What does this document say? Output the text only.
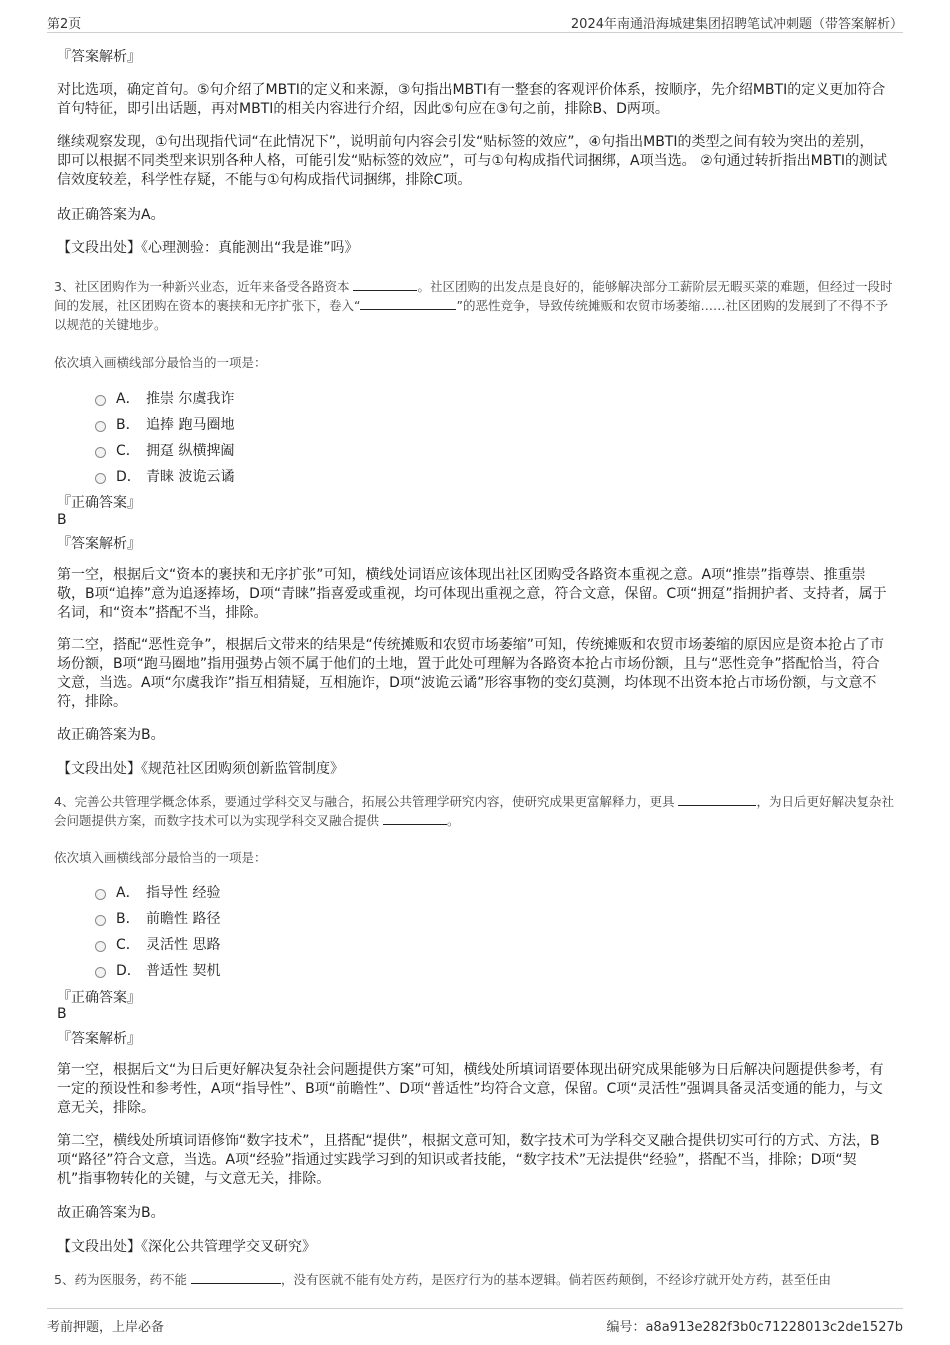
第2页	2024年南通沿海城建集团招聘笔试冲刺题（带答案解析）
『答案解析』
对比选项，确定首句。⑤句介绍了MBTI的定义和来源，③句指出MBTI有一整套的客观评价体系，按顺序，先介绍MBTI的定义更加符合首句特征，即引出话题，再对MBTI的相关内容进行介绍，因此⑤句应在③句之前，排除B、D两项。
继续观察发现，①句出现指代词“在此情况下”，说明前句内容会引发“贴标签的效应”，④句指出MBTI的类型之间有较为突出的差别，即可以根据不同类型来识别各种人格，可能引发“贴标签的效应”，可与①句构成指代词捆绑，A项当选。 ②句通过转折指出MBTI的测试信效度较差，科学性存疑，不能与①句构成指代词捆绑，排除C项。
故正确答案为A。
【文段出处】《心理测验：真能测出“我是谁”吗》
3、社区团购作为一种新兴业态，近年来备受各路资本	。社区团购的出发点是良好的，能够解决部分工薪阶层无暇买菜的难题，但经过一段时间的发展，社区团购在资本的裹挟和无序扩张下，卷入“	”的恶性竞争，导致传统摊贩和农贸市场萎缩……社区团购的发展到了不得不予以规范的关键地步。
依次填入画横线部分最恰当的一项是：
A． 推崇 尔虞我诈
B． 追捧 跑马圈地
C． 拥趸 纵横捭阖
D． 青睐 波诡云谲
『正确答案』
B
『答案解析』
第一空，根据后文“资本的裹挟和无序扩张”可知，横线处词语应该体现出社区团购受各路资本重视之意。A项“推崇”指尊崇、推重崇敬，B项“追捧”意为追逐捧场，D项“青睐”指喜爱或重视，均可体现出重视之意，符合文意，保留。C项“拥趸”指拥护者、支持者，属于名词，和“资本”搭配不当，排除。
第二空，搭配“恶性竞争”，根据后文带来的结果是“传统摊贩和农贸市场萎缩”可知，传统摊贩和农贸市场萎缩的原因应是资本抢占了市场份额，B项“跑马圈地”指用强势占领不属于他们的土地，置于此处可理解为各路资本抢占市场份额，且与“恶性竞争”搭配恰当，符合文意，当选。A项“尔虞我诈”指互相猜疑，互相施诈，D项“波诡云谲”形容事物的变幻莫测，均体现不出资本抢占市场份额，与文意不符，排除。
故正确答案为B。
【文段出处】《规范社区团购须创新监管制度》
4、完善公共管理学概念体系，要通过学科交叉与融合，拓展公共管理学研究内容，使研究成果更富解释力，更具	，为日后更好解决复杂社会问题提供方案，而数字技术可以为实现学科交叉融合提供	。
依次填入画横线部分最恰当的一项是：
A． 指导性 经验
B． 前瞻性 路径
C． 灵活性 思路
D． 普适性 契机
『正确答案』
B
『答案解析』
第一空，根据后文“为日后更好解决复杂社会问题提供方案”可知，横线处所填词语要体现出研究成果能够为日后解决问题提供参考，有一定的预设性和参考性，A项“指导性”、B项“前瞻性”、D项“普适性”均符合文意，保留。C项“灵活性”强调具备灵活变通的能力，与文意无关，排除。
第二空，横线处所填词语修饰“数字技术”，且搭配“提供”，根据文意可知，数字技术可为学科交叉融合提供切实可行的方式、方法，B项“路径”符合文意，当选。A项“经验”指通过实践学习到的知识或者技能，“数字技术”无法提供“经验”，搭配不当，排除；D项“契机”指事物转化的关键，与文意无关，排除。
故正确答案为B。
【文段出处】《深化公共管理学交叉研究》
5、药为医服务，药不能	，没有医就不能有处方药，是医疗行为的基本逻辑。倘若医药颠倒，不经诊疗就开处方药，甚至任由
考前押题，上岸必备	编号：a8a913e282f3b0c71228013c2de1527b
